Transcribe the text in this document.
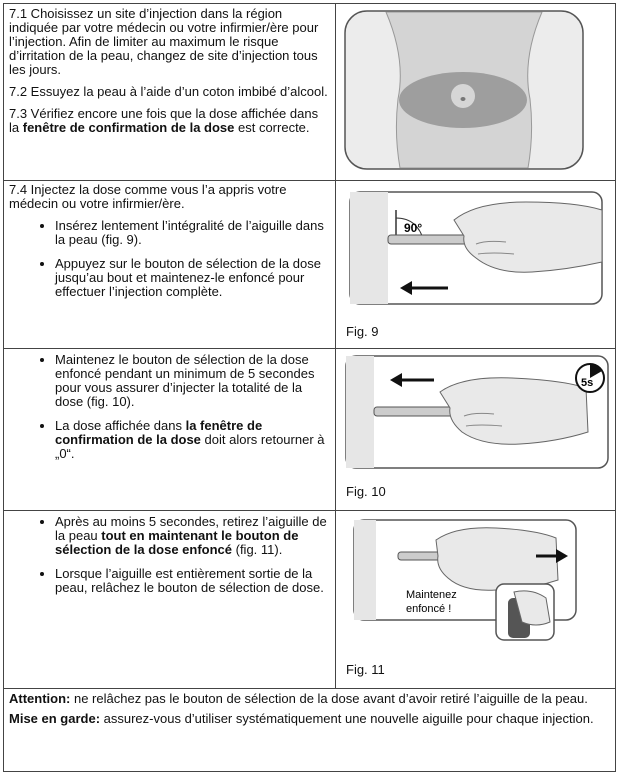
7.1 Choisissez un site d’injection dans la région indiquée par votre médecin ou votre infirmier/ère pour l’injection. Afin de limiter au maximum le risque d’irritation de la peau, changez de site d’injection tous les jours.

7.2 Essuyez la peau à l’aide d’un coton imbibé d’alcool.

7.3 Vérifiez encore une fois que la dose affichée dans la fenêtre de confirmation de la dose est correcte.

7.4 Injectez la dose comme vous l’a appris votre médecin ou votre infirmier/ère.

• Insérez lentement l’intégralité de l’aiguille dans la peau (fig. 9).
• Appuyez sur le bouton de sélection de la dose jusqu’au bout et maintenez-le enfoncé pour effectuer l’injection complète.
90°
Fig. 9
• Maintenez le bouton de sélection de la dose enfoncé pendant un minimum de 5 secondes pour vous assurer d’injecter la totalité de la dose (fig. 10).
• La dose affichée dans la fenêtre de confirmation de la dose doit alors retourner à „0“.
5s
Fig. 10
• Après au moins 5 secondes, retirez l’aiguille de la peau tout en maintenant le bouton de sélection de la dose enfoncé (fig. 11).
• Lorsque l’aiguille est entièrement sortie de la peau, relâchez le bouton de sélection de dose.	Maintenez
enfoncé !
Fig. 11

Attention: ne relâchez pas le bouton de sélection de la dose avant d’avoir retiré l’aiguille de la peau.

Mise en garde: assurez-vous d’utiliser systématiquement une nouvelle aiguille pour chaque injection.
